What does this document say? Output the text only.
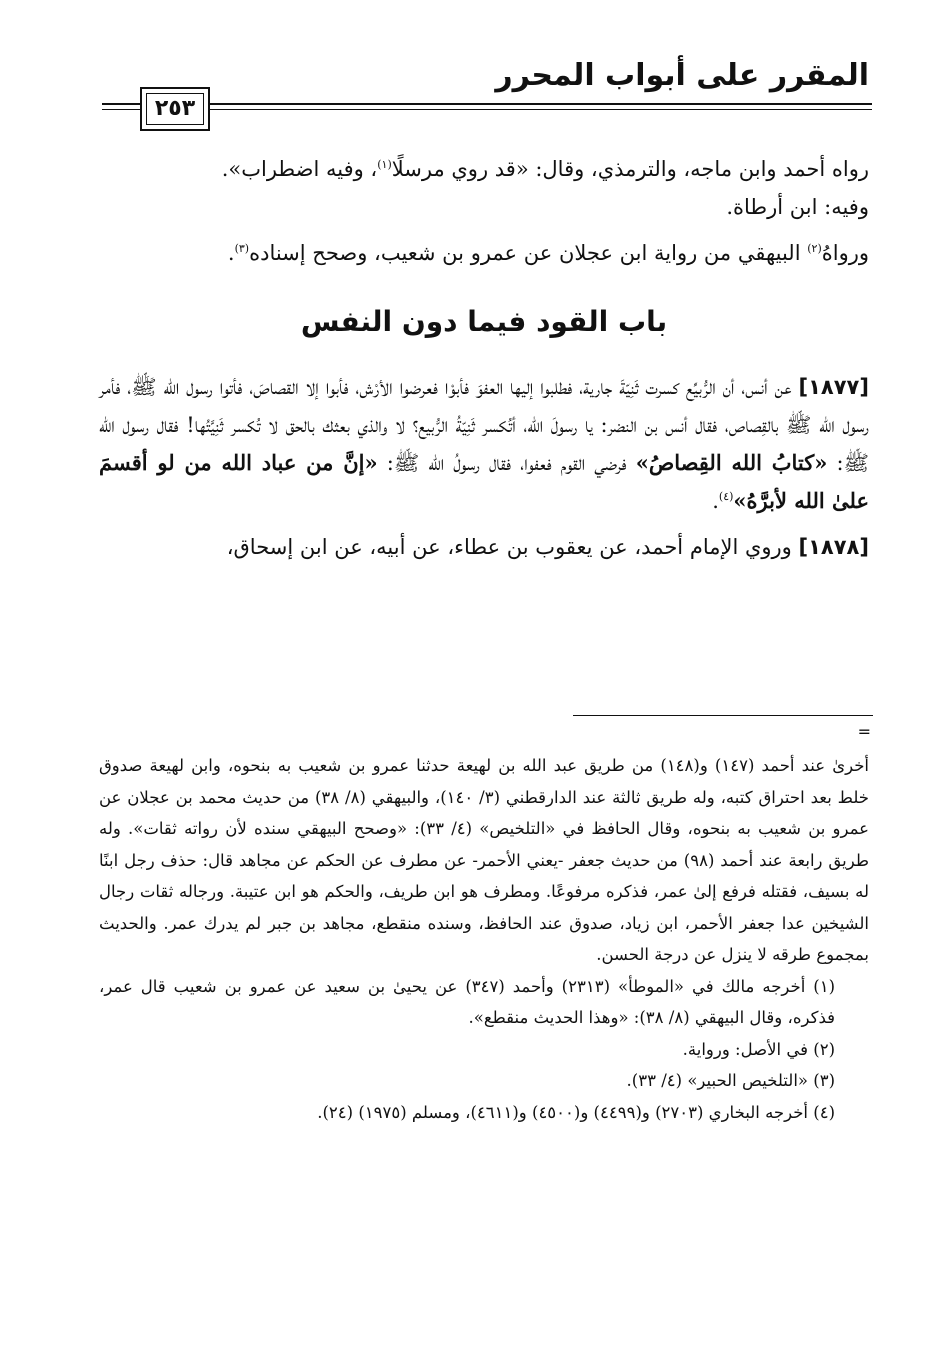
المقرر على أبواب المحرر
٢٥٣

رواه أحمد وابن ماجه، والترمذي، وقال: «قد روي مرسلًا$^{(١)}$، وفيه اضطراب».

وفيه: ابن أرطاة.

ورواهُ$^{(٢)}$ البيهقي من رواية ابن عجلان عن عمرو بن شعيب، وصحح إسناده$^{(٣)}$.

باب القود فيما دون النفس

[١٨٧٧] عن أنس، أن الرُّبيِّع كسرت ثَنِيّةَ جارية، فطلبوا إليها العفوَ فأبوْا فعرضوا الأرْش، فأبوا إلا القصاصَ، فأتوا رسول الله ﷺ، فأمر رسول الله ﷺ بالقِصاص، فقال أنس بن النضر: يا رسولَ الله، أتُكسر ثَنِيّةُ الرُّبيع؟ لا والذي بعثك بالحق لا تُكسر ثَنِيَّتُها! فقال رسول الله ﷺ: «كتابُ الله القِصاصُ» فرضي القوم فعفوا، فقال رسولُ الله ﷺ: «إنَّ من عباد الله من لو أقسمَ علىٰ الله لأبرَّهُ»$^{(٤)}$.

[١٨٧٨] وروي الإمام أحمد، عن يعقوب بن عطاء، عن أبيه، عن ابن إسحاق،

=

أخرىٰ عند أحمد (١٤٧) و(١٤٨) من طريق عبد الله بن لهيعة حدثنا عمرو بن شعيب به بنحوه، وابن لهيعة صدوق خلط بعد احتراق كتبه، وله طريق ثالثة عند الدارقطني (٣/ ١٤٠)، والبيهقي (٨/ ٣٨) من حديث محمد بن عجلان عن عمرو بن شعيب به بنحوه، وقال الحافظ في «التلخيص» (٤/ ٣٣): «وصحح البيهقي سنده لأن رواته ثقات». وله طريق رابعة عند أحمد (٩٨) من حديث جعفر -يعني الأحمر- عن مطرف عن الحكم عن مجاهد قال: حذف رجل ابنًا له بسيف، فقتله فرفع إلىٰ عمر، فذكره مرفوعًا. ومطرف هو ابن طريف، والحكم هو ابن عتيبة. ورجاله ثقات رجال الشيخين عدا جعفر الأحمر، ابن زياد، صدوق عند الحافظ، وسنده منقطع، مجاهد بن جبر لم يدرك عمر. والحديث بمجموع طرقه لا ينزل عن درجة الحسن.

(١) أخرجه مالك في «الموطأ» (٢٣١٣) وأحمد (٣٤٧) عن يحيىٰ بن سعيد عن عمرو بن شعيب قال عمر، فذكره، وقال البيهقي (٨/ ٣٨): «وهذا الحديث منقطع».

(٢) في الأصل: ورواية.

(٣) «التلخيص الحبير» (٤/ ٣٣).

(٤) أخرجه البخاري (٢٧٠٣) و(٤٤٩٩) و(٤٥٠٠) و(٤٦١١)، ومسلم (١٩٧٥) (٢٤).
